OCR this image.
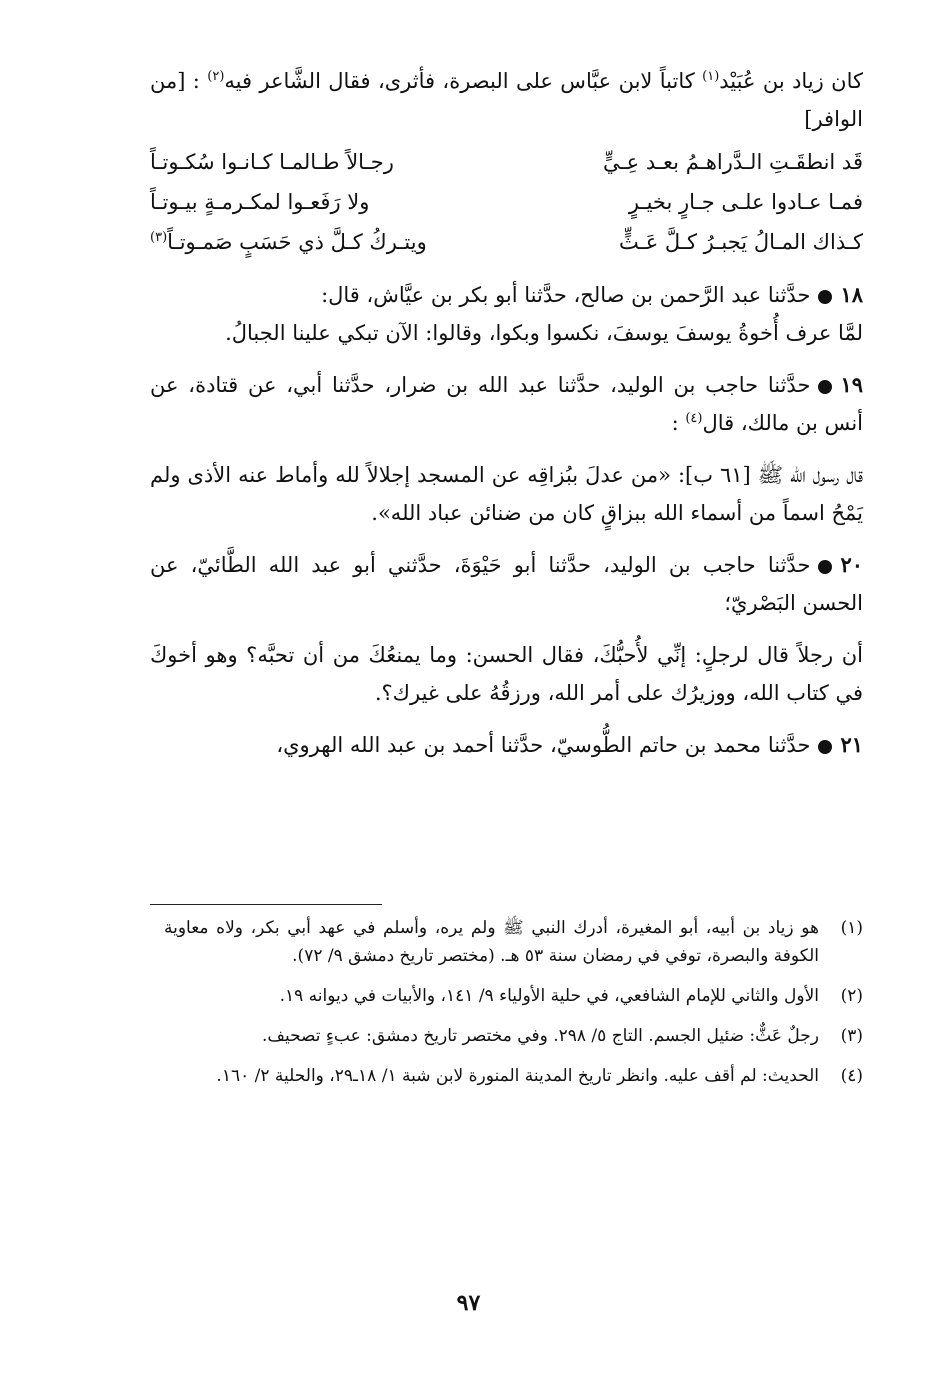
كان زياد بن عُبَيْد$^{(١)}$ كاتباً لابن عبَّاس على البصرة، فأثرى، فقال الشَّاعر فيه$^{(٢)}$ : [من الوافر]

قَد انطقَـتِ الـدَّراهـمُ بعـد عِـيٍّ
رجـالاً طـالمـا كـانـوا سُكـوتـاً
فمـا عـادوا علـى جـارٍ بخيـرٍ
ولا رَفَعـوا لمكـرمـةٍ بيـوتـاً
كـذاك المـالُ يَجبـرُ كـلَّ عَـثٍّ
ويتـركُ كـلَّ ذي حَسَبٍ صَمـوتـاً$^{(٣)}$

١٨حدَّثنا عبد الرَّحمن بن صالح، حدَّثنا أبو بكر بن عيَّاش، قال:

لمَّا عرف أُخوةُ يوسفَ يوسفَ، نكسوا وبكوا، وقالوا: الآن تبكي علينا الجبالُ.

١٩حدَّثنا حاجب بن الوليد، حدَّثنا عبد الله بن ضرار، حدَّثنا أبي، عن قتادة، عن أنس بن مالك، قال$^{(٤)}$ :

قال رسول الله ﷺ [٦١ ب]: «من عدلَ ببُزاقِه عن المسجد إجلالاً لله وأماط عنه الأذى ولم يَمْحُ اسماً من أسماء الله ببزاقٍ كان من ضنائن عباد الله».

٢٠حدَّثنا حاجب بن الوليد، حدَّثنا أبو حَيْوَةَ، حدَّثني أبو عبد الله الطَّائيّ، عن الحسن البَصْريّ؛

أن رجلاً قال لرجلٍ: إنِّي لأُحبُّكَ، فقال الحسن: وما يمنعُكَ من أن تحبَّه؟ وهو أخوكَ في كتاب الله، ووزيرُك على أمر الله، ورزقُهُ على غيرك؟.

٢١حدَّثنا محمد بن حاتم الطُّوسيّ، حدَّثنا أحمد بن عبد الله الهروي،

(١)
هو زياد بن أبيه، أبو المغيرة، أدرك النبي ﷺ ولم يره، وأسلم في عهد أبي بكر، ولاه معاوية الكوفة والبصرة، توفي في رمضان سنة ٥٣ هـ. (مختصر تاريخ دمشق ٩/ ٧٢).
(٢)
الأول والثاني للإمام الشافعي، في حلية الأولياء ٩/ ١٤١، والأبيات في ديوانه ١٩.
(٣)
رجلٌ عَثٌّ: ضئيل الجسم. التاج ٥/ ٢٩٨. وفي مختصر تاريخ دمشق: عبءٍ تصحيف.
(٤)
الحديث: لم أقف عليه. وانظر تاريخ المدينة المنورة لابن شبة ١/ ١٨ـ٢٩، والحلية ٢/ ١٦٠.
٩٧
